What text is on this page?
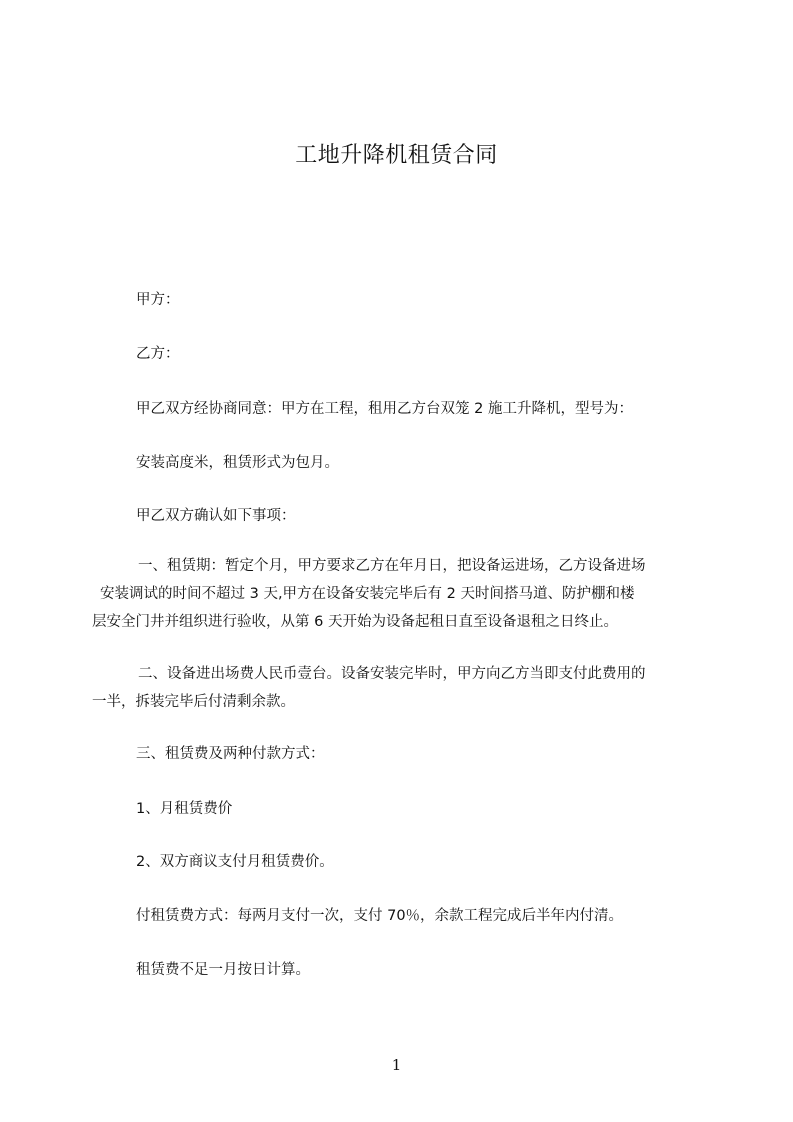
工地升降机租赁合同
甲方：
乙方：
甲乙双方经协商同意：甲方在工程，租用乙方台双笼 2 施工升降机，型号为：
安装高度米，租赁形式为包月。
甲乙双方确认如下事项：
一、租赁期：暂定个月，甲方要求乙方在年月日，把设备运进场，乙方设备进场
安装调试的时间不超过 3 天,甲方在设备安装完毕后有 2 天时间搭马道、防护棚和楼
层安全门井并组织进行验收，从第 6 天开始为设备起租日直至设备退租之日终止。
二、设备进出场费人民币壹台。设备安装完毕时，甲方向乙方当即支付此费用的
一半，拆装完毕后付清剩余款。
三、租赁费及两种付款方式：
1、月租赁费价
2、双方商议支付月租赁费价。
付租赁费方式：每两月支付一次，支付 70％，余款工程完成后半年内付清。
租赁费不足一月按日计算。
1
